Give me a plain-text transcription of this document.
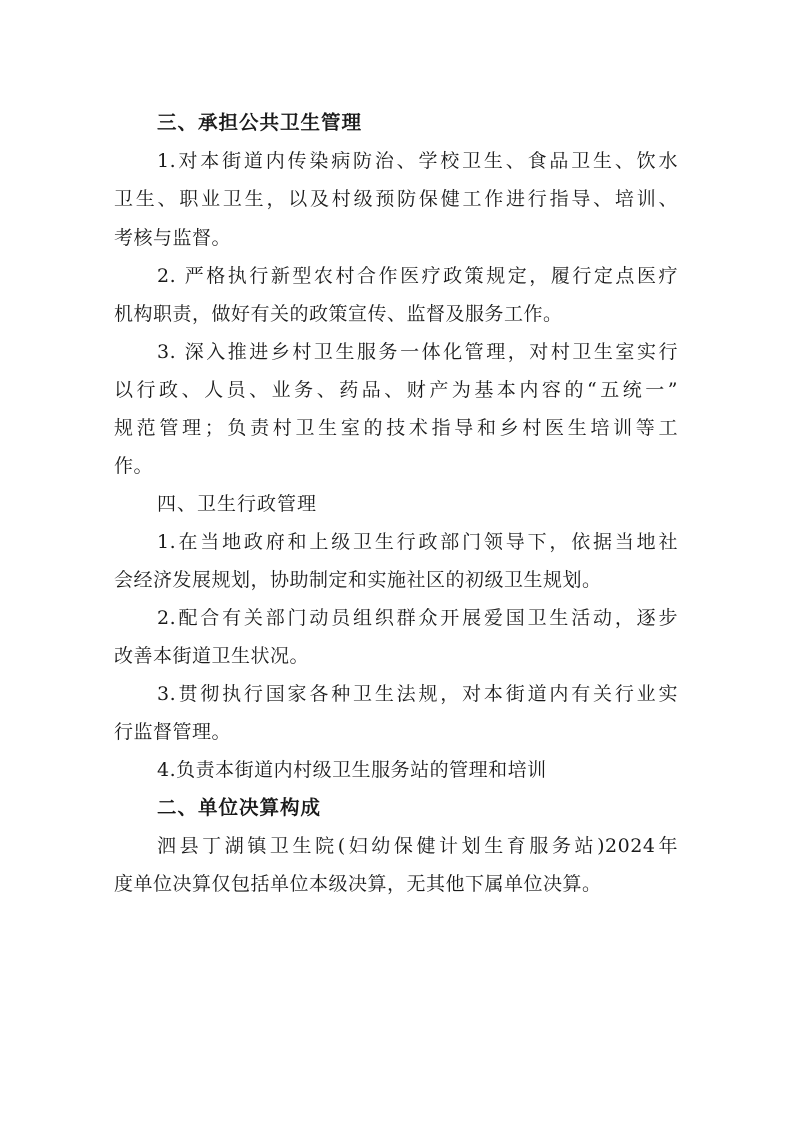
三、承担公共卫生管理
1.对本街道内传染病防治、学校卫生、食品卫生、饮水
卫生、职业卫生，以及村级预防保健工作进行指导、培训、
考核与监督。
2. 严格执行新型农村合作医疗政策规定，履行定点医疗
机构职责，做好有关的政策宣传、监督及服务工作。
3. 深入推进乡村卫生服务一体化管理，对村卫生室实行
以行政、人员、业务、药品、财产为基本内容的“五统一”
规范管理；负责村卫生室的技术指导和乡村医生培训等工
作。
四、卫生行政管理
1.在当地政府和上级卫生行政部门领导下，依据当地社
会经济发展规划，协助制定和实施社区的初级卫生规划。
2.配合有关部门动员组织群众开展爱国卫生活动，逐步
改善本街道卫生状况。
3.贯彻执行国家各种卫生法规，对本街道内有关行业实
行监督管理。
4.负责本街道内村级卫生服务站的管理和培训
二、单位决算构成
泗县丁湖镇卫生院(妇幼保健计划生育服务站)2024年
度单位决算仅包括单位本级决算，无其他下属单位决算。
